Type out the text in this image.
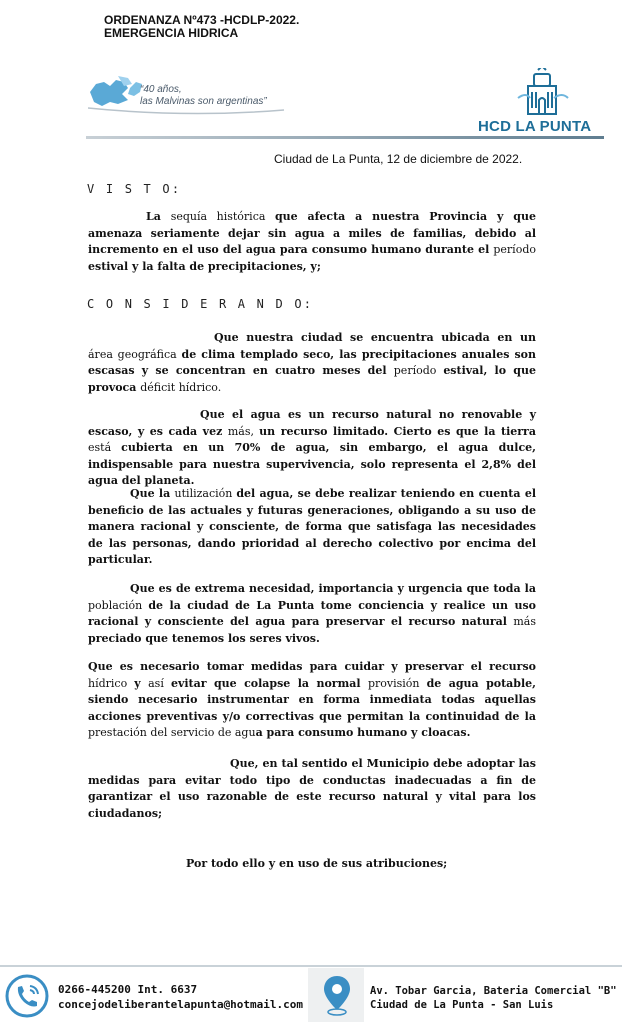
ORDENANZA Nº473 -HCDLP-2022.
EMERGENCIA HIDRICA
“40 años,
las Malvinas son argentinas”
HCD LA PUNTA
Ciudad de La Punta, 12 de diciembre de 2022.
V I S T O:
La sequía histórica que afecta a nuestra Provincia y que amenaza seriamente dejar sin agua a miles de familias, debido al incremento en el uso del agua para consumo humano durante el período estival y la falta de precipitaciones, y;
C O N S I D E R A N D O:
Que nuestra ciudad se encuentra ubicada en un área geográfica de clima templado seco, las precipitaciones anuales son escasas y se concentran en cuatro meses del período estival, lo que provoca déficit hídrico.
Que el agua es un recurso natural no renovable y escaso, y es cada vez más, un recurso limitado. Cierto es que la tierra está cubierta en un 70% de agua, sin embargo, el agua dulce, indispensable para nuestra supervivencia, solo representa el 2,8% del agua del planeta.
Que la utilización del agua, se debe realizar teniendo en cuenta el beneficio de las actuales y futuras generaciones, obligando a su uso de manera racional y consciente, de forma que satisfaga las necesidades de las personas, dando prioridad al derecho colectivo por encima del particular.
Que es de extrema necesidad, importancia y urgencia que toda la población de la ciudad de La Punta tome conciencia y realice un uso racional y consciente del agua para preservar el recurso natural más preciado que tenemos los seres vivos.
Que es necesario tomar medidas para cuidar y preservar el recurso hídrico y así evitar que colapse la normal provisión de agua potable, siendo necesario instrumentar en forma inmediata todas aquellas acciones preventivas y/o correctivas que permitan la continuidad de la prestación del servicio de agua para consumo humano y cloacas.
Que, en tal sentido el Municipio debe adoptar las medidas para evitar todo tipo de conductas inadecuadas a fin de garantizar el uso razonable de este recurso natural y vital para los ciudadanos;
Por todo ello y en uso de sus atribuciones;
0266-445200 Int. 6637
concejodeliberantelapunta@hotmail.com
Av. Tobar Garcia, Bateria Comercial "B"
Ciudad de La Punta - San Luis
